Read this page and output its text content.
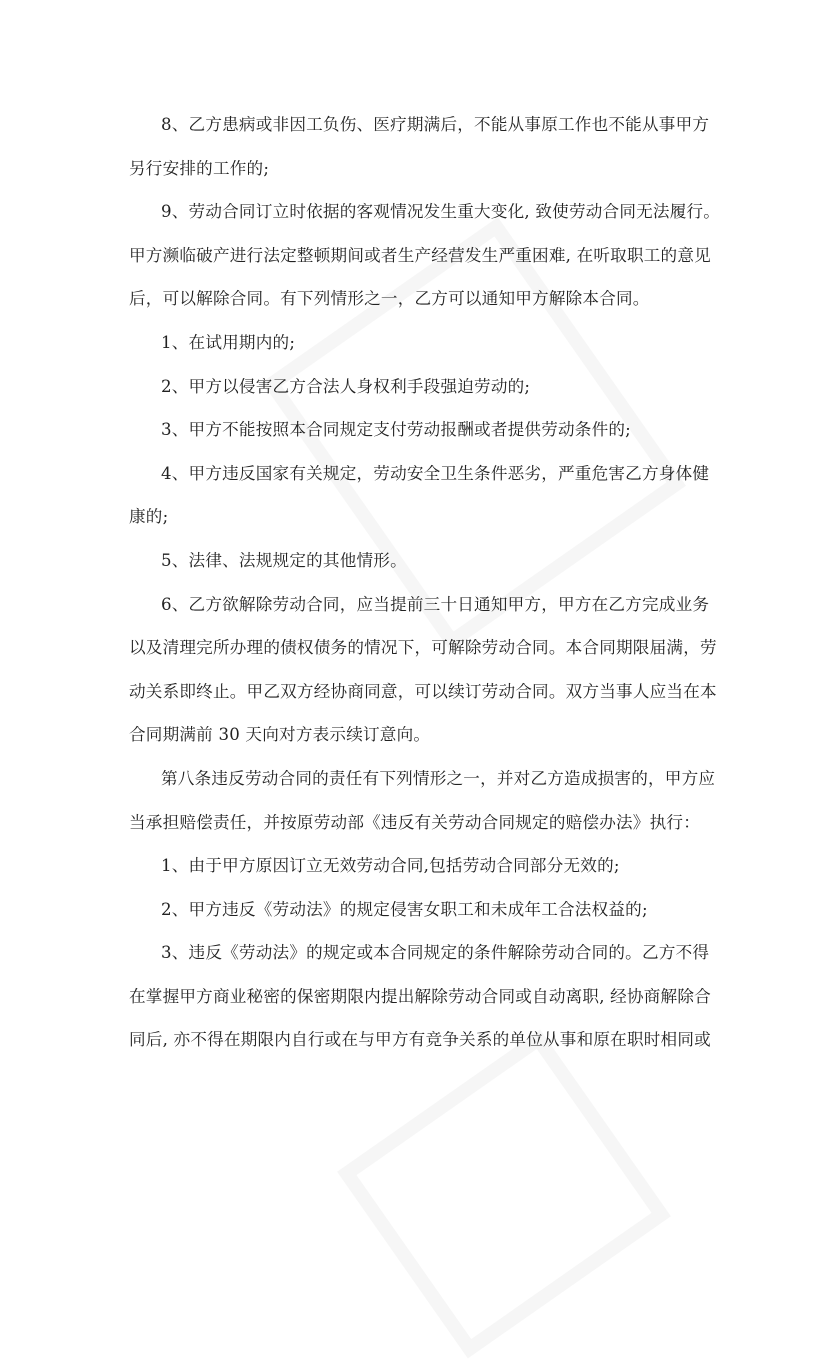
8、乙方患病或非因工负伤、医疗期满后，不能从事原工作也不能从事甲方
另行安排的工作的;
9、劳动合同订立时依据的客观情况发生重大变化, 致使劳动合同无法履行。
甲方濒临破产进行法定整顿期间或者生产经营发生严重困难, 在听取职工的意见
后，可以解除合同。有下列情形之一，乙方可以通知甲方解除本合同。
1、在试用期内的;
2、甲方以侵害乙方合法人身权利手段强迫劳动的;
3、甲方不能按照本合同规定支付劳动报酬或者提供劳动条件的;
4、甲方违反国家有关规定，劳动安全卫生条件恶劣，严重危害乙方身体健
康的;
5、法律、法规规定的其他情形。
6、乙方欲解除劳动合同，应当提前三十日通知甲方，甲方在乙方完成业务
以及清理完所办理的债权债务的情况下，可解除劳动合同。本合同期限届满，劳
动关系即终止。甲乙双方经协商同意，可以续订劳动合同。双方当事人应当在本
合同期满前 30 天向对方表示续订意向。
第八条违反劳动合同的责任有下列情形之一，并对乙方造成损害的，甲方应
当承担赔偿责任，并按原劳动部《违反有关劳动合同规定的赔偿办法》执行：
1、由于甲方原因订立无效劳动合同,包括劳动合同部分无效的;
2、甲方违反《劳动法》的规定侵害女职工和未成年工合法权益的;
3、违反《劳动法》的规定或本合同规定的条件解除劳动合同的。乙方不得
在掌握甲方商业秘密的保密期限内提出解除劳动合同或自动离职, 经协商解除合
同后, 亦不得在期限内自行或在与甲方有竞争关系的单位从事和原在职时相同或
